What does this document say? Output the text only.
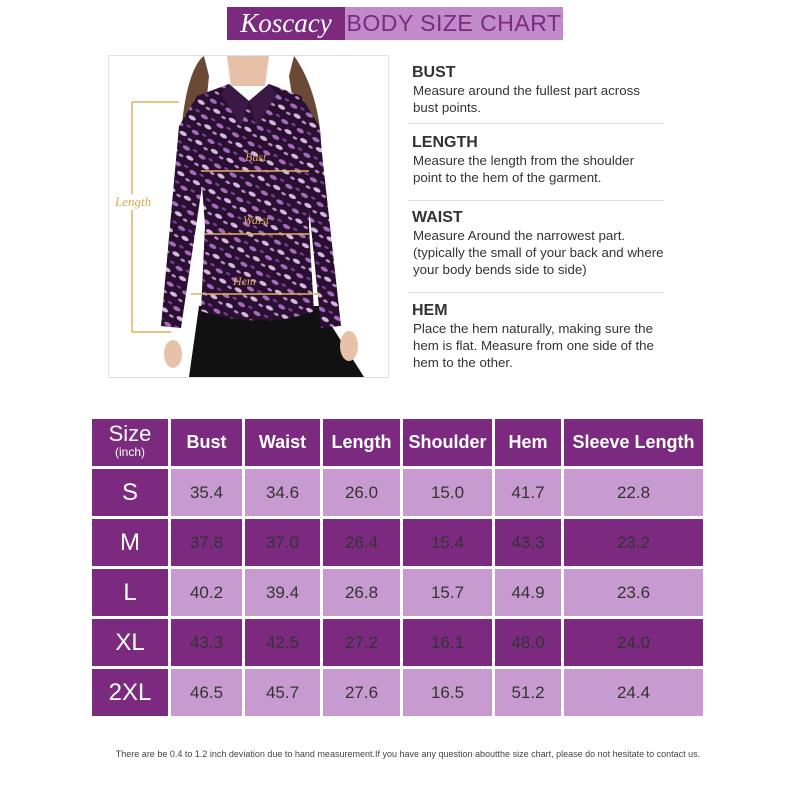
Koscacy BODY SIZE CHART
Length
Bust
Waist
Hem
BUST
Measure around the fullest part across bust points.
LENGTH
Measure the length from the shoulder point to the hem of the garment.
WAIST
Measure Around the narrowest part. (typically the small of your back and where your body bends side to side)
HEM
Place the hem naturally, making sure the hem is flat. Measure from one side of the hem to the other.
Size
(inch)	Bust	Waist	Length	Shoulder	Hem	Sleeve Length
S	35.4	34.6	26.0	15.0	41.7	22.8
M	37.8	37.0	26.4	15.4	43.3	23.2
L	40.2	39.4	26.8	15.7	44.9	23.6
XL	43.3	42.5	27.2	16.1	48.0	24.0
2XL	46.5	45.7	27.6	16.5	51.2	24.4
There are be 0.4 to 1.2 inch deviation due to hand measurement.If you have any question aboutthe size chart, please do not hesitate to contact us.
